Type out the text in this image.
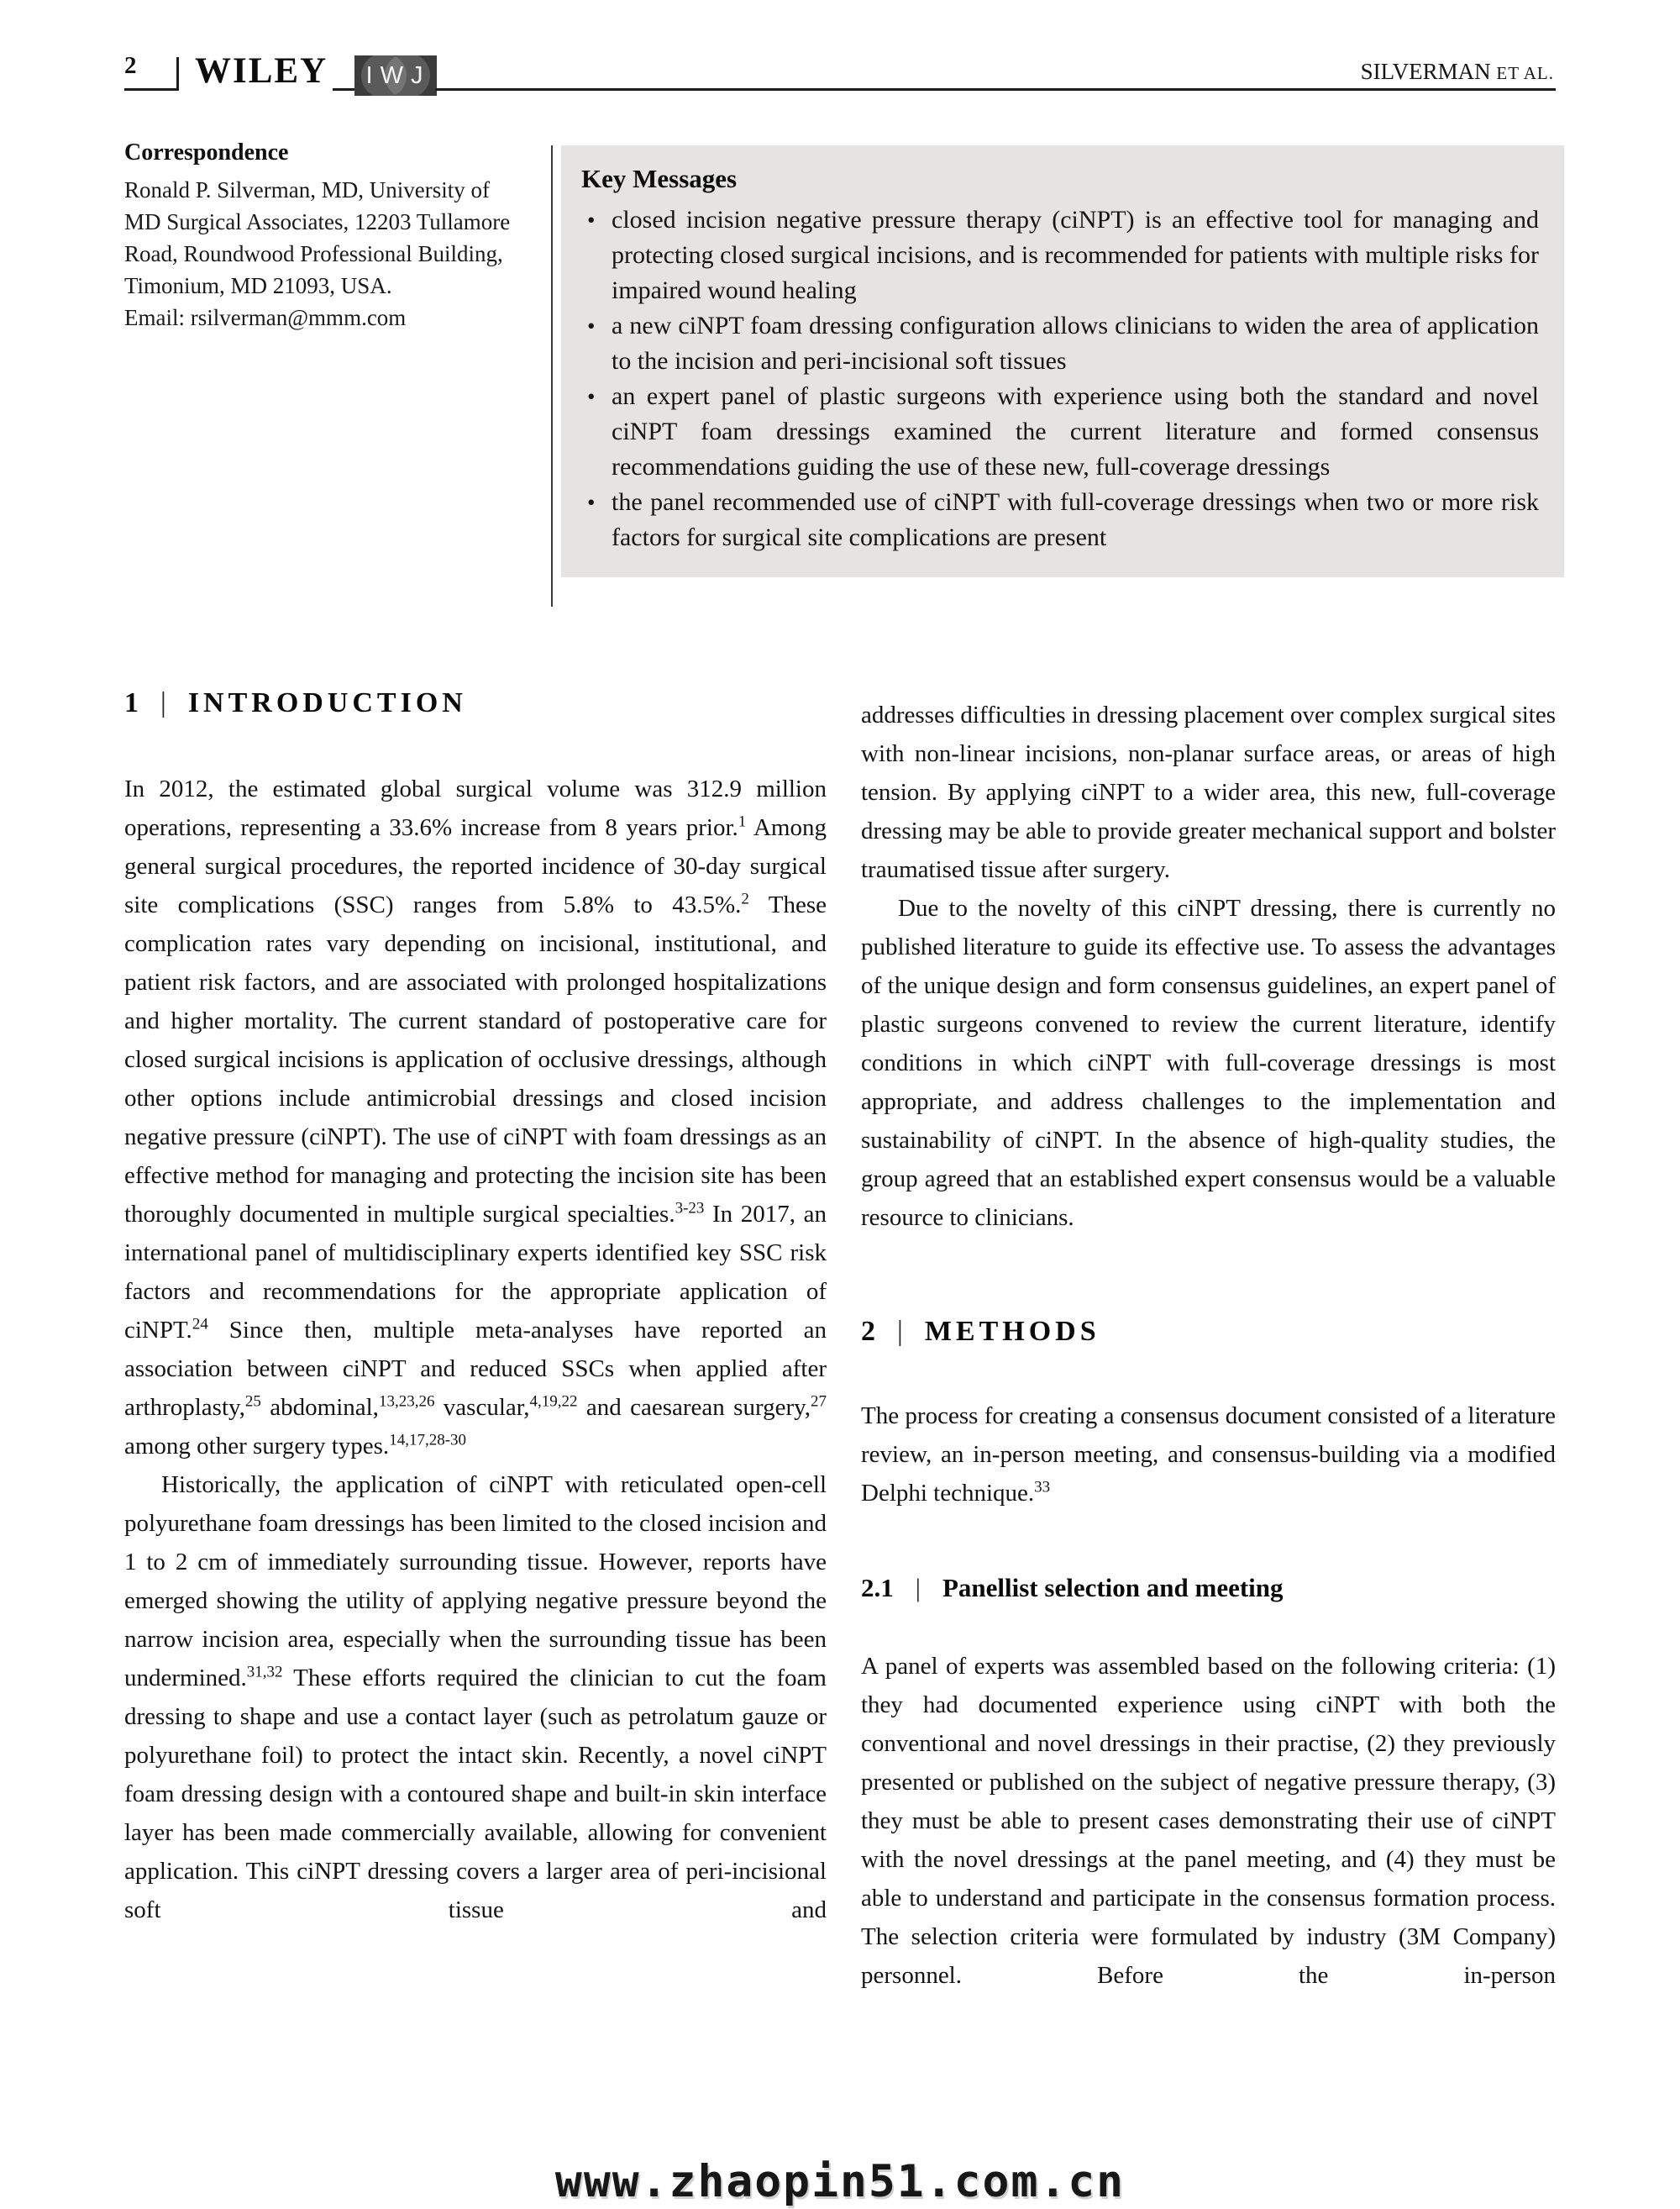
2 WILEY IWJ	SILVERMAN ET AL.
Correspondence
Ronald P. Silverman, MD, University of
MD Surgical Associates, 12203 Tullamore
Road, Roundwood Professional Building,
Timonium, MD 21093, USA.
Email: rsilverman@mmm.com
Key Messages
• closed incision negative pressure therapy (ciNPT) is an effective tool for managing and protecting closed surgical incisions, and is recommended for patients with multiple risks for impaired wound healing
• a new ciNPT foam dressing configuration allows clinicians to widen the area of application to the incision and peri-incisional soft tissues
• an expert panel of plastic surgeons with experience using both the standard and novel ciNPT foam dressings examined the current literature and formed consensus recommendations guiding the use of these new, full-coverage dressings
• the panel recommended use of ciNPT with full-coverage dressings when two or more risk factors for surgical site complications are present
1 | INTRODUCTION

In 2012, the estimated global surgical volume was 312.9 million operations, representing a 33.6% increase from 8 years prior.$^1$ Among general surgical procedures, the reported incidence of 30-day surgical site complications (SSC) ranges from 5.8% to 43.5%.$^2$ These complication rates vary depending on incisional, institutional, and patient risk factors, and are associated with prolonged hospitalizations and higher mortality. The current standard of postoperative care for closed surgical incisions is application of occlusive dressings, although other options include antimicrobial dressings and closed incision negative pressure (ciNPT). The use of ciNPT with foam dressings as an effective method for managing and protecting the incision site has been thoroughly documented in multiple surgical specialties.$^{3-23}$ In 2017, an international panel of multidisciplinary experts identified key SSC risk factors and recommendations for the appropriate application of ciNPT.$^{24}$ Since then, multiple meta-analyses have reported an association between ciNPT and reduced SSCs when applied after arthroplasty,$^{25}$ abdominal,$^{13,23,26}$ vascular,$^{4,19,22}$ and caesarean surgery,$^{27}$ among other surgery types.$^{14,17,28-30}$

Historically, the application of ciNPT with reticulated open-cell polyurethane foam dressings has been limited to the closed incision and 1 to 2 cm of immediately surrounding tissue. However, reports have emerged showing the utility of applying negative pressure beyond the narrow incision area, especially when the surrounding tissue has been undermined.$^{31,32}$ These efforts required the clinician to cut the foam dressing to shape and use a contact layer (such as petrolatum gauze or polyurethane foil) to protect the intact skin. Recently, a novel ciNPT foam dressing design with a contoured shape and built-in skin interface layer has been made commercially available, allowing for convenient application. This ciNPT dressing covers a larger area of peri-incisional soft tissue and

addresses difficulties in dressing placement over complex surgical sites with non-linear incisions, non-planar surface areas, or areas of high tension. By applying ciNPT to a wider area, this new, full-coverage dressing may be able to provide greater mechanical support and bolster traumatised tissue after surgery.

Due to the novelty of this ciNPT dressing, there is currently no published literature to guide its effective use. To assess the advantages of the unique design and form consensus guidelines, an expert panel of plastic surgeons convened to review the current literature, identify conditions in which ciNPT with full-coverage dressings is most appropriate, and address challenges to the implementation and sustainability of ciNPT. In the absence of high-quality studies, the group agreed that an established expert consensus would be a valuable resource to clinicians.

2 | METHODS

The process for creating a consensus document consisted of a literature review, an in-person meeting, and consensus-building via a modified Delphi technique.$^{33}$

2.1 | Panellist selection and meeting

A panel of experts was assembled based on the following criteria: (1) they had documented experience using ciNPT with both the conventional and novel dressings in their practise, (2) they previously presented or published on the subject of negative pressure therapy, (3) they must be able to present cases demonstrating their use of ciNPT with the novel dressings at the panel meeting, and (4) they must be able to understand and participate in the consensus formation process. The selection criteria were formulated by industry (3M Company) personnel. Before the in-person

www.zhaopin51.com.cn
